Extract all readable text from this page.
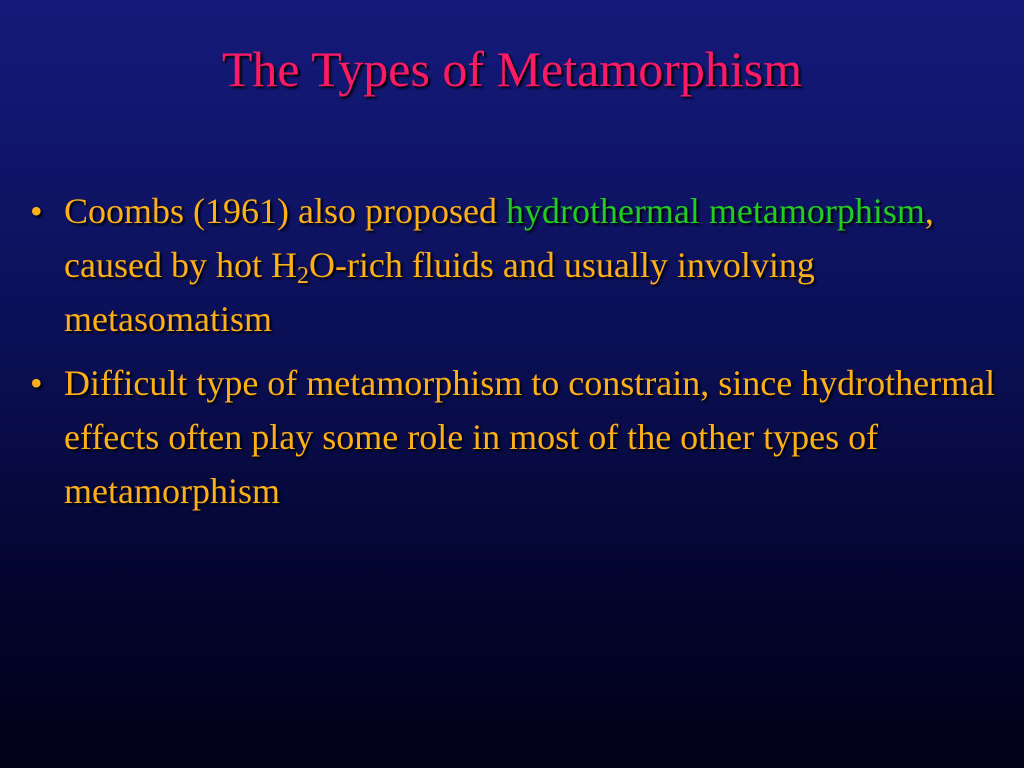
The Types of Metamorphism
• Coombs (1961) also proposed hydrothermal metamorphism, caused by hot $H_2O$-rich fluids and usually involving metasomatism
• Difficult type of metamorphism to constrain, since hydrothermal effects often play some role in most of the other types of metamorphism
